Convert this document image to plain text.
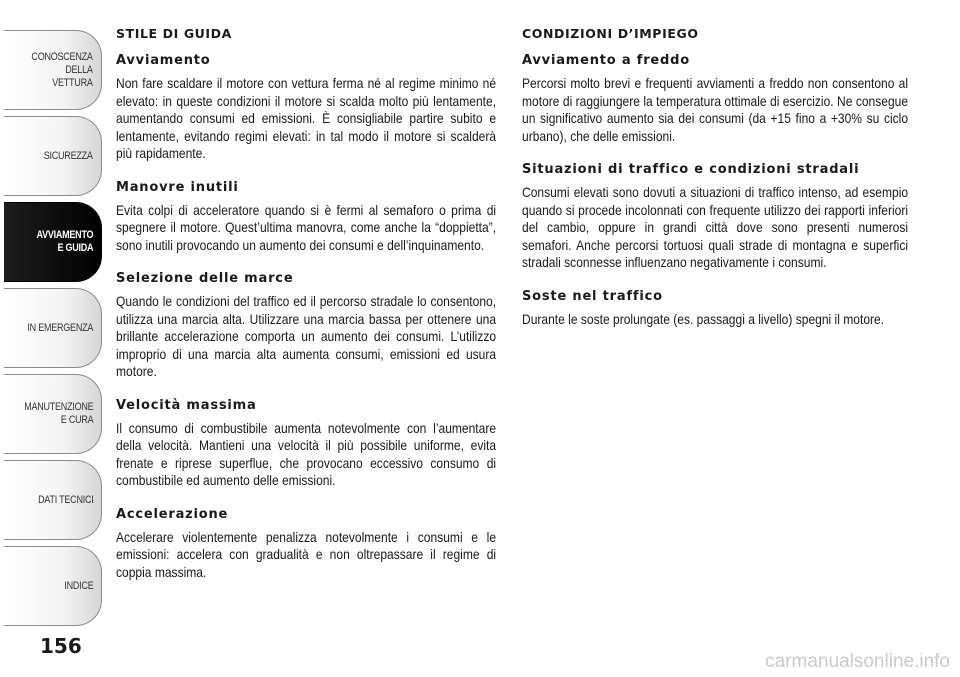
CONOSCENZA
DELLA
VETTURA
SICUREZZA
AVVIAMENTO
E GUIDA
IN EMERGENZA
MANUTENZIONE
E CURA
DATI TECNICI
INDICE
156
STILE DI GUIDA
Avviamento

Non fare scaldare il motore con vettura ferma né al regime minimo né elevato: in queste condizioni il motore si scalda molto più lentamente, aumentando consumi ed emissioni. È consigliabile partire subito e lentamente, evitando regimi elevati: in tal modo il motore si scalderà più rapidamente.

Manovre inutili

Evita colpi di acceleratore quando si è fermi al semaforo o prima di spegnere il motore. Quest’ultima manovra, come anche la “doppietta”, sono inutili provocando un aumento dei consumi e dell’inquinamento.

Selezione delle marce

Quando le condizioni del traffico ed il percorso stradale lo consentono, utilizza una marcia alta. Utilizzare una marcia bassa per ottenere una brillante accelerazione comporta un aumento dei consumi. L’utilizzo improprio di una marcia alta aumenta consumi, emissioni ed usura motore.

Velocità massima

Il consumo di combustibile aumenta notevolmente con l’aumentare della velocità. Mantieni una velocità il più possibile uniforme, evita frenate e riprese superflue, che provocano eccessivo consumo di combustibile ed aumento delle emissioni.

Accelerazione

Accelerare violentemente penalizza notevolmente i consumi e le emissioni: accelera con gradualità e non oltrepassare il regime di coppia massima.

CONDIZIONI D’IMPIEGO
Avviamento a freddo

Percorsi molto brevi e frequenti avviamenti a freddo non consentono al motore di raggiungere la temperatura ottimale di esercizio. Ne consegue un significativo aumento sia dei consumi (da +15 fino a +30% su ciclo urbano), che delle emissioni.

Situazioni di traffico e condizioni stradali

Consumi elevati sono dovuti a situazioni di traffico intenso, ad esempio quando si procede incolonnati con frequente utilizzo dei rapporti inferiori del cambio, oppure in grandi città dove sono presenti numerosi semafori. Anche percorsi tortuosi quali strade di montagna e superfici stradali sconnesse influenzano negativamente i consumi.

Soste nel traffico

Durante le soste prolungate (es. passaggi a livello) spegni il motore.

carmanualsonline.info
